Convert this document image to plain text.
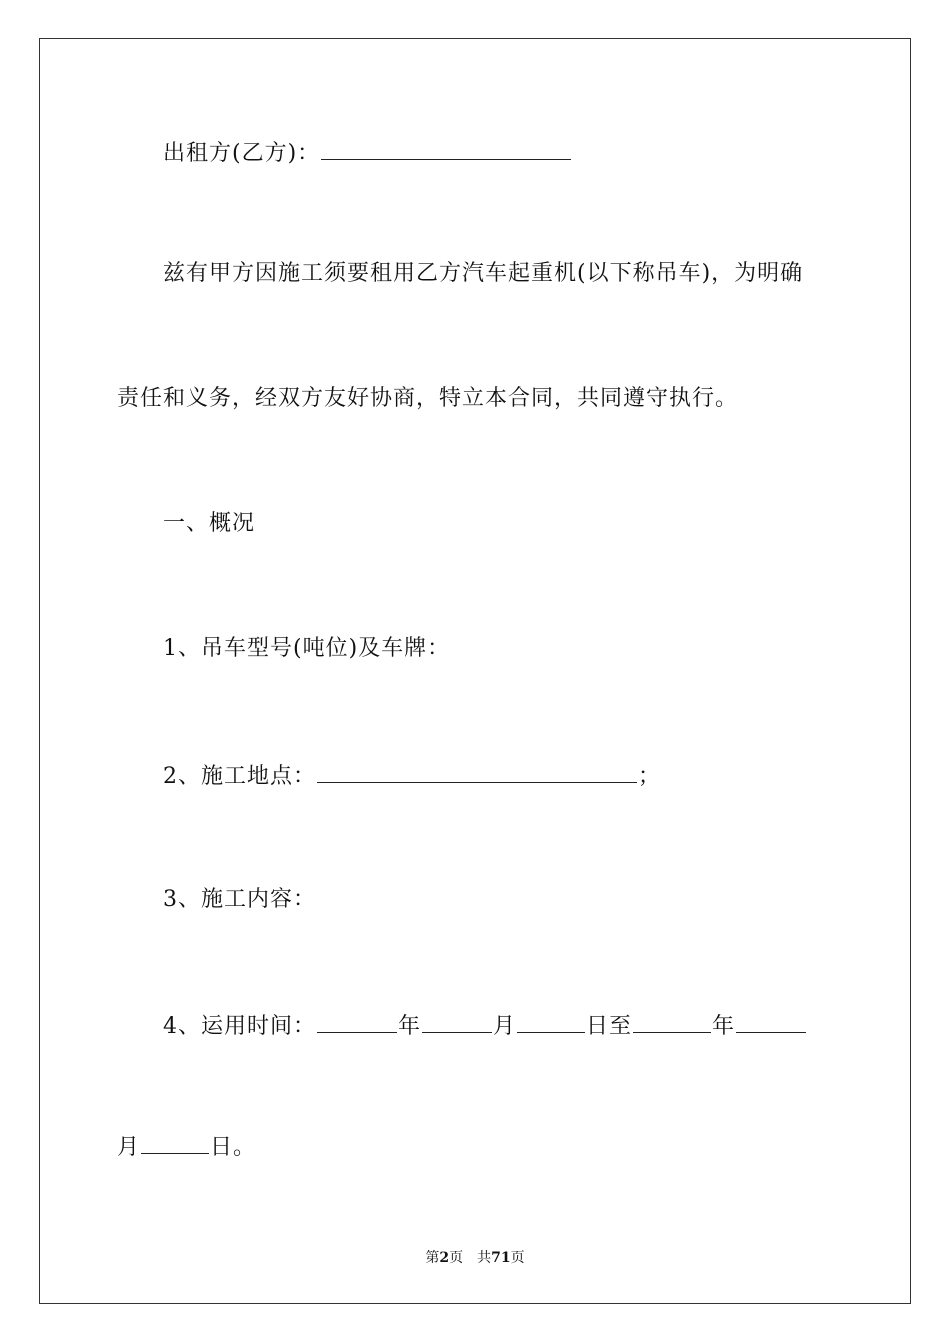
出租方(乙方)：
兹有甲方因施工须要租用乙方汽车起重机(以下称吊车)，为明确
责任和义务，经双方友好协商，特立本合同，共同遵守执行。
一、概况
1、吊车型号(吨位)及车牌：
2、施工地点：	；
3、施工内容：
4、运用时间：	年	月	日至	年
月	日。
第2页 共71页
